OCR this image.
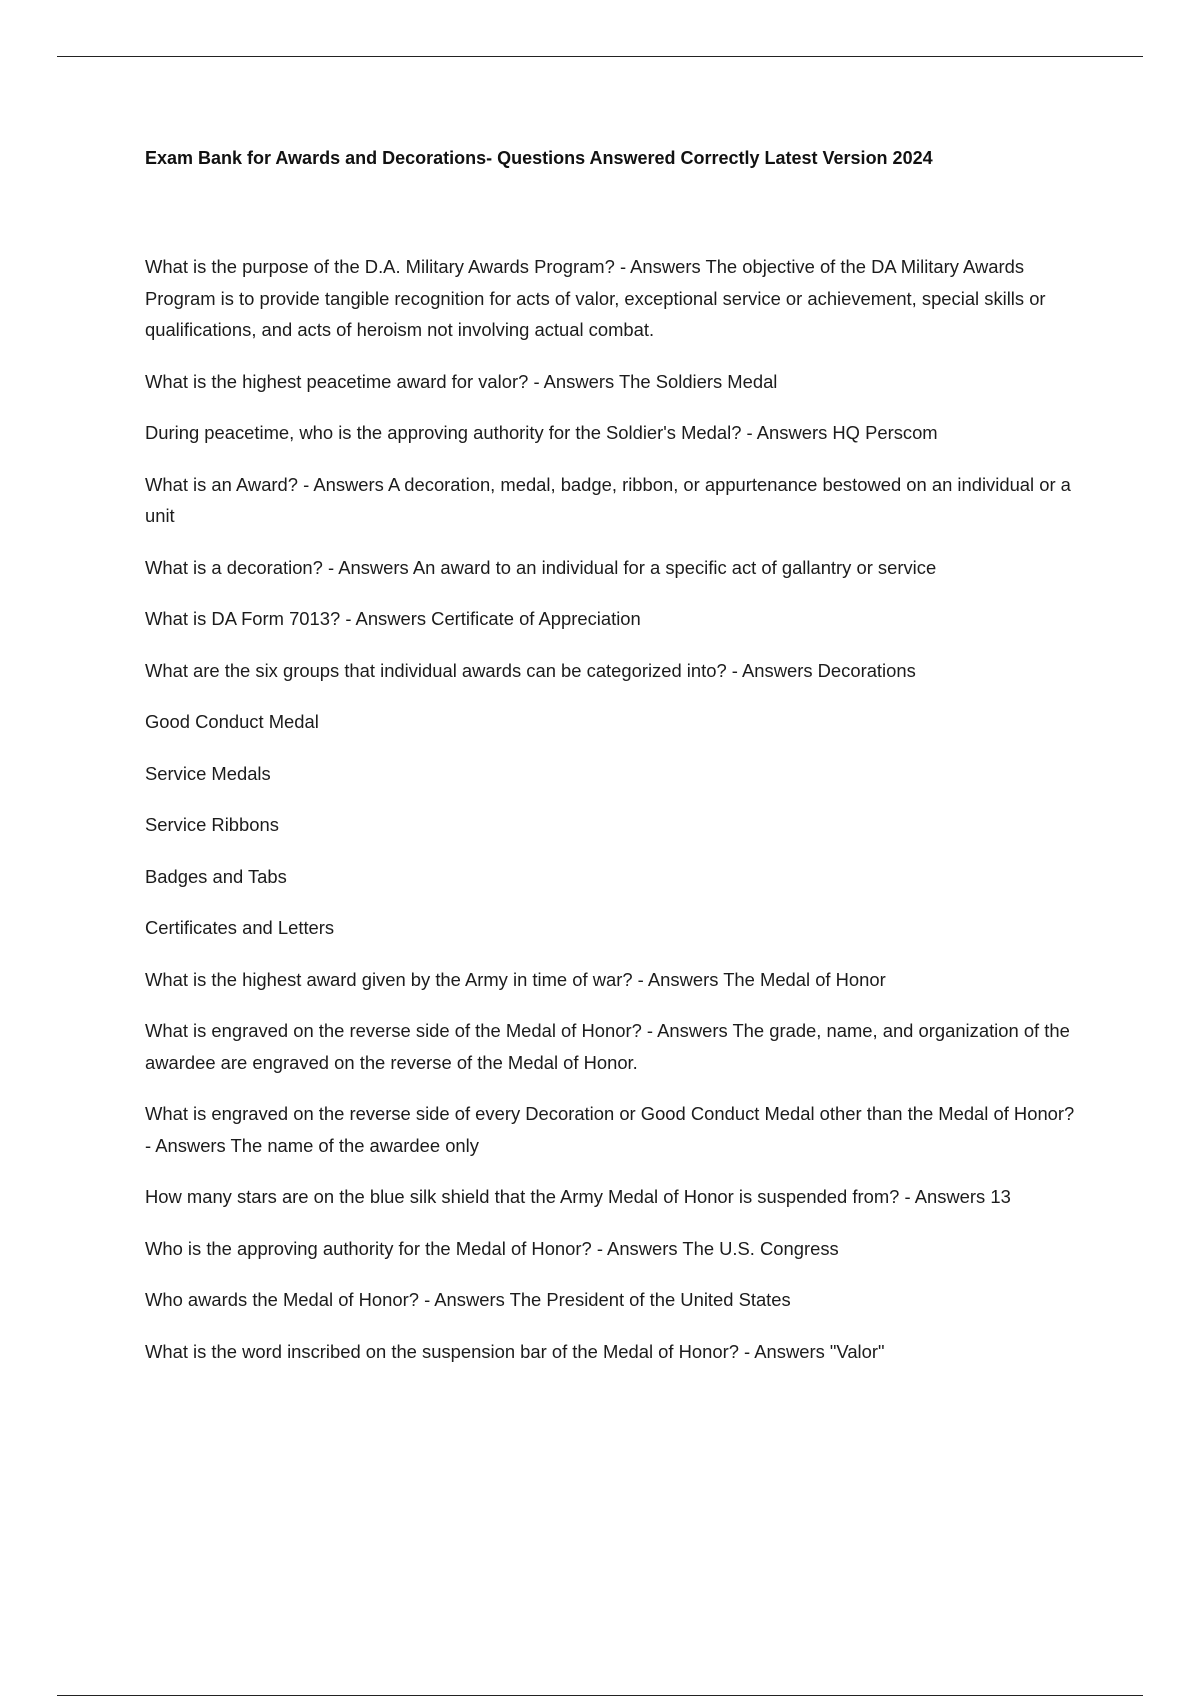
Exam Bank for Awards and Decorations- Questions Answered Correctly Latest Version 2024
What is the purpose of the D.A. Military Awards Program? - Answers The objective of the DA Military Awards Program is to provide tangible recognition for acts of valor, exceptional service or achievement, special skills or qualifications, and acts of heroism not involving actual combat.
What is the highest peacetime award for valor? - Answers The Soldiers Medal
During peacetime, who is the approving authority for the Soldier's Medal? - Answers HQ Perscom
What is an Award? - Answers A decoration, medal, badge, ribbon, or appurtenance bestowed on an individual or a unit
What is a decoration? - Answers An award to an individual for a specific act of gallantry or service
What is DA Form 7013? - Answers Certificate of Appreciation
What are the six groups that individual awards can be categorized into? - Answers Decorations
Good Conduct Medal
Service Medals
Service Ribbons
Badges and Tabs
Certificates and Letters
What is the highest award given by the Army in time of war? - Answers The Medal of Honor
What is engraved on the reverse side of the Medal of Honor? - Answers The grade, name, and organization of the awardee are engraved on the reverse of the Medal of Honor.
What is engraved on the reverse side of every Decoration or Good Conduct Medal other than the Medal of Honor? - Answers The name of the awardee only
How many stars are on the blue silk shield that the Army Medal of Honor is suspended from? - Answers 13
Who is the approving authority for the Medal of Honor? - Answers The U.S. Congress
Who awards the Medal of Honor? - Answers The President of the United States
What is the word inscribed on the suspension bar of the Medal of Honor? - Answers "Valor"
